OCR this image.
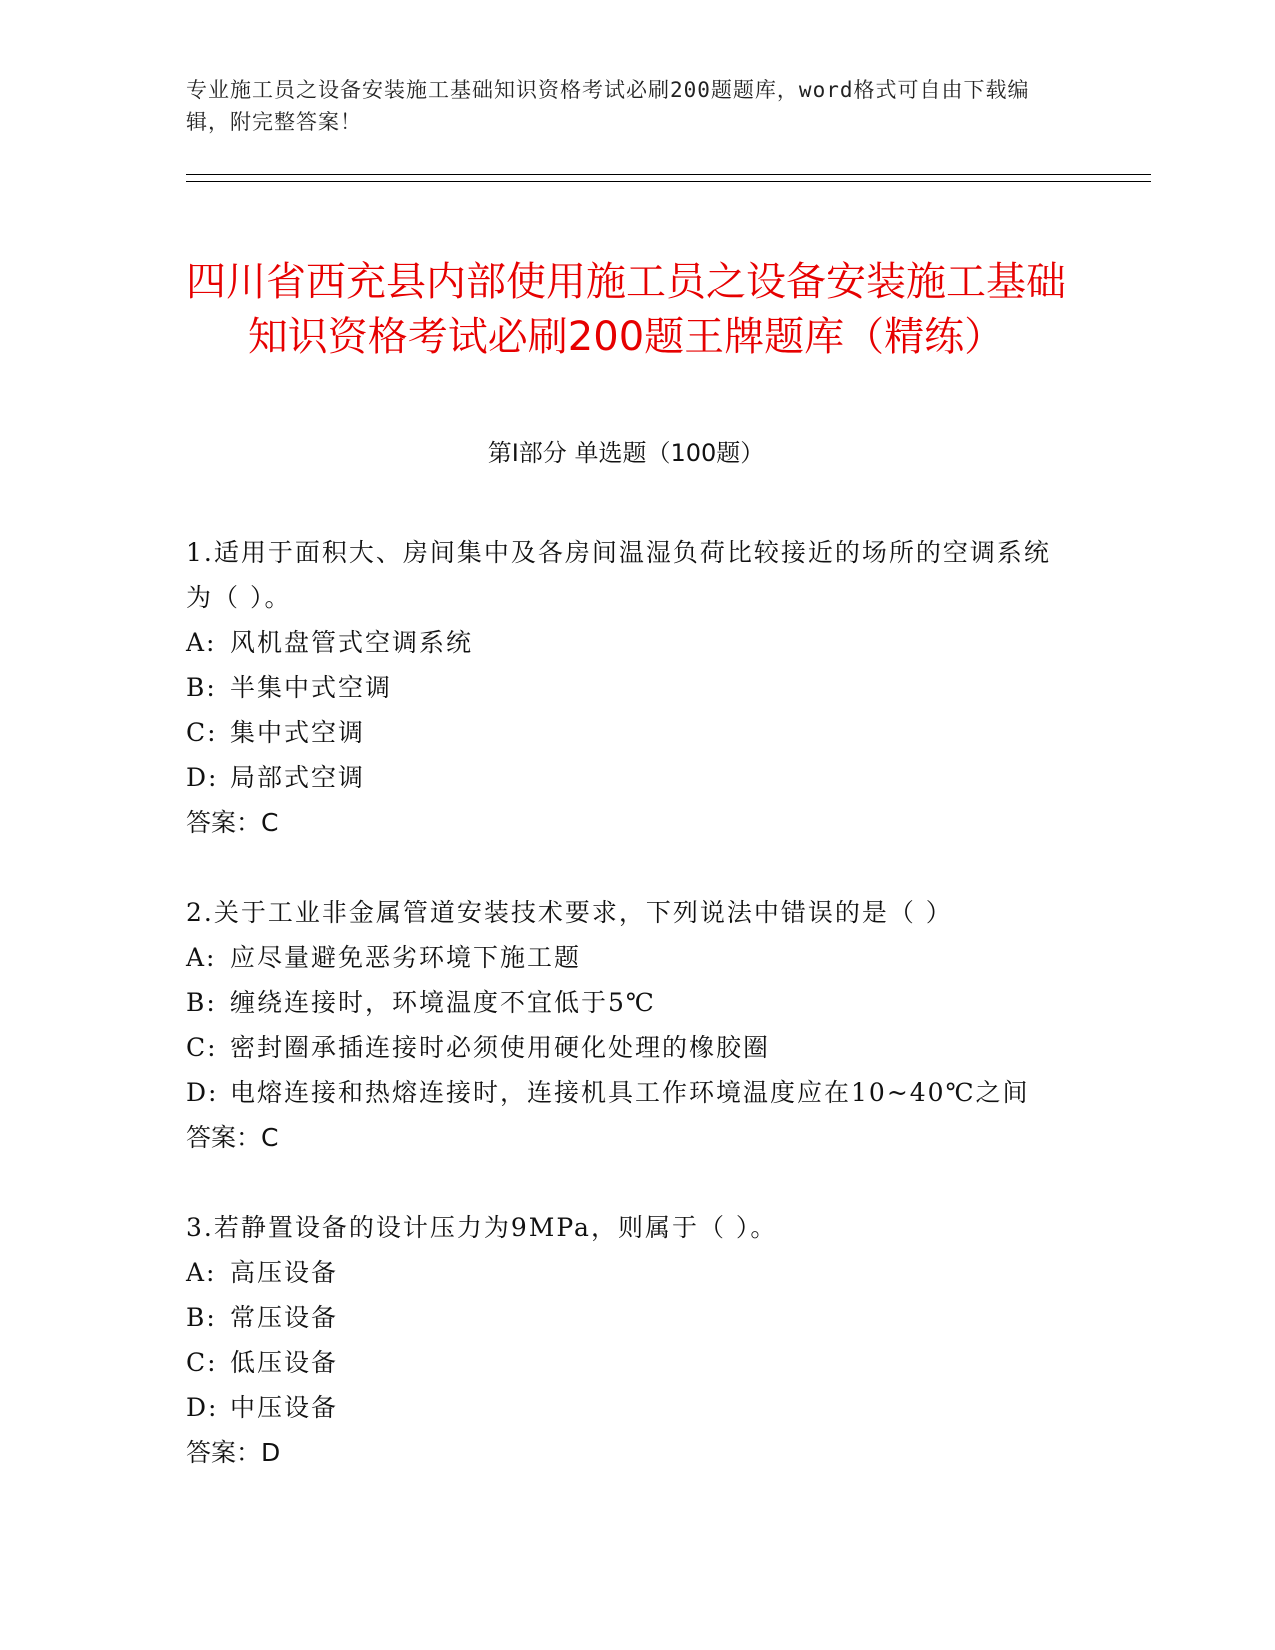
专业施工员之设备安装施工基础知识资格考试必刷200题题库，word格式可自由下载编辑，附完整答案！
四川省西充县内部使用施工员之设备安装施工基础知识资格考试必刷200题王牌题库（精练）
第Ⅰ部分 单选题（100题）

1.适用于面积大、房间集中及各房间温湿负荷比较接近的场所的空调系统为（ ）。

A: 风机盘管式空调系统

B: 半集中式空调

C: 集中式空调

D: 局部式空调

答案：C

2.关于工业非金属管道安装技术要求，下列说法中错误的是（ ）

A: 应尽量避免恶劣环境下施工题

B: 缠绕连接时，环境温度不宜低于5℃

C: 密封圈承插连接时必须使用硬化处理的橡胶圈

D: 电熔连接和热熔连接时，连接机具工作环境温度应在10~40℃之间

答案：C

3.若静置设备的设计压力为9MPa，则属于（ ）。

A: 高压设备

B: 常压设备

C: 低压设备

D: 中压设备

答案：D
